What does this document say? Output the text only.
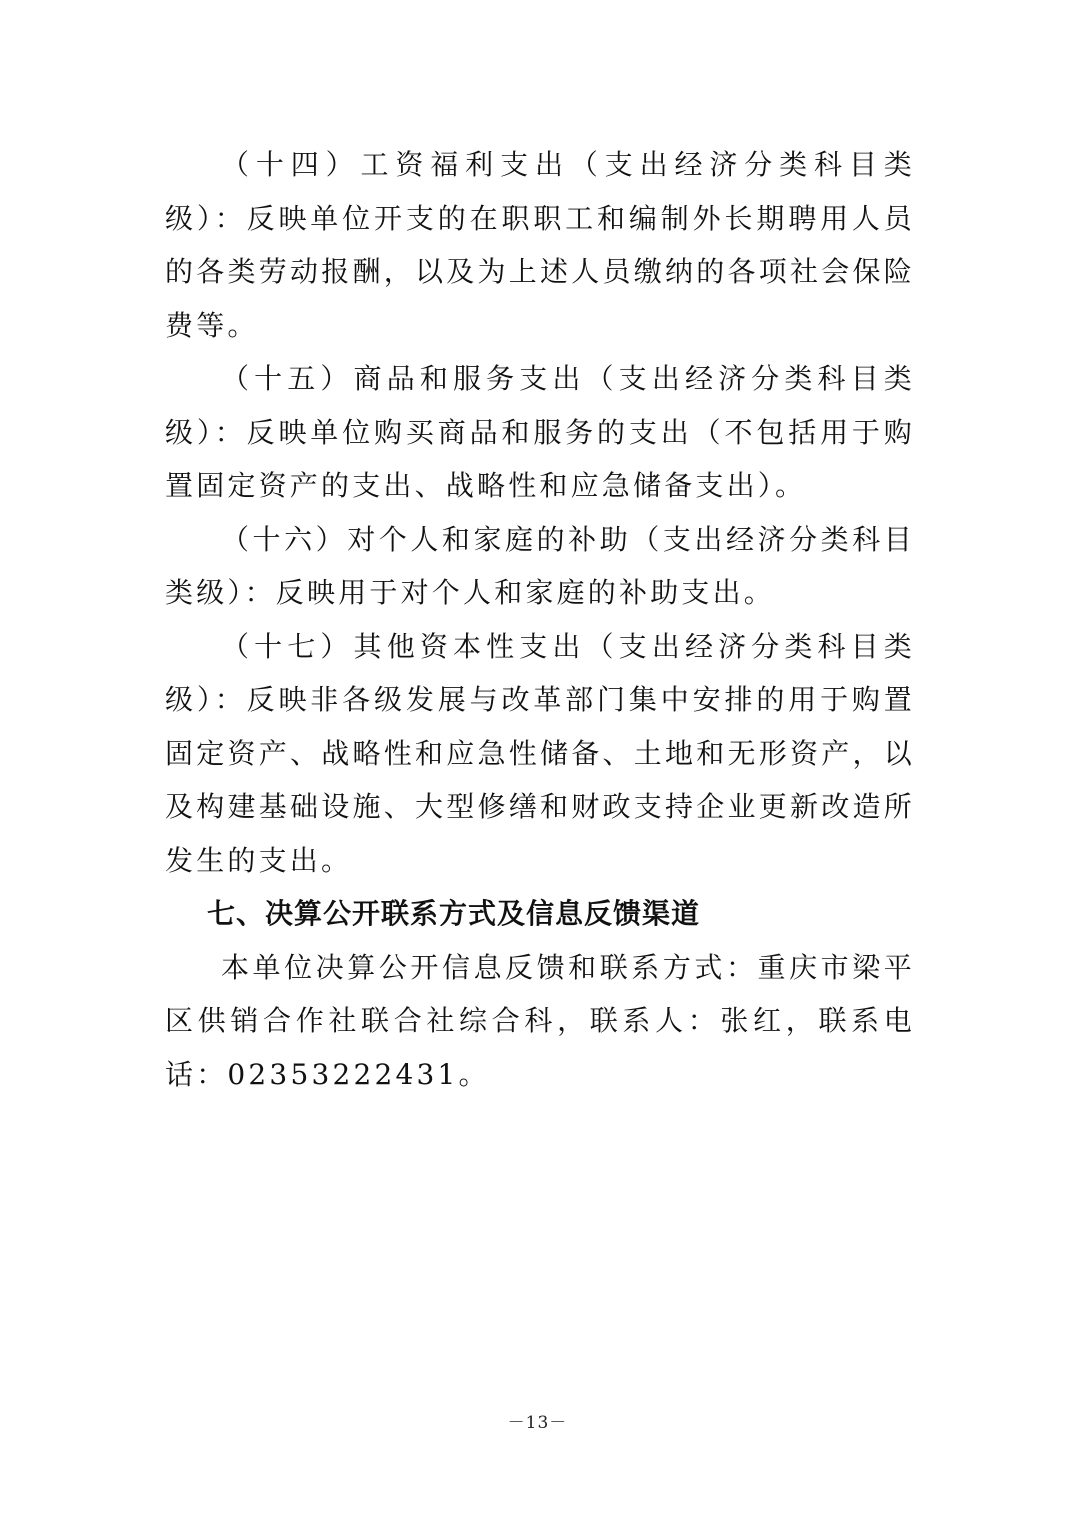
（十四）工资福利支出（支出经济分类科目类级）：反映单位开支的在职职工和编制外长期聘用人员的各类劳动报酬，以及为上述人员缴纳的各项社会保险费等。

（十五）商品和服务支出（支出经济分类科目类级）：反映单位购买商品和服务的支出（不包括用于购置固定资产的支出、战略性和应急储备支出）。

（十六）对个人和家庭的补助（支出经济分类科目类级）：反映用于对个人和家庭的补助支出。

（十七）其他资本性支出（支出经济分类科目类级）：反映非各级发展与改革部门集中安排的用于购置固定资产、战略性和应急性储备、土地和无形资产，以及构建基础设施、大型修缮和财政支持企业更新改造所发生的支出。

七、决算公开联系方式及信息反馈渠道

本单位决算公开信息反馈和联系方式：重庆市梁平区供销合作社联合社综合科，联系人：张红，联系电话：02353222431。

－13－
